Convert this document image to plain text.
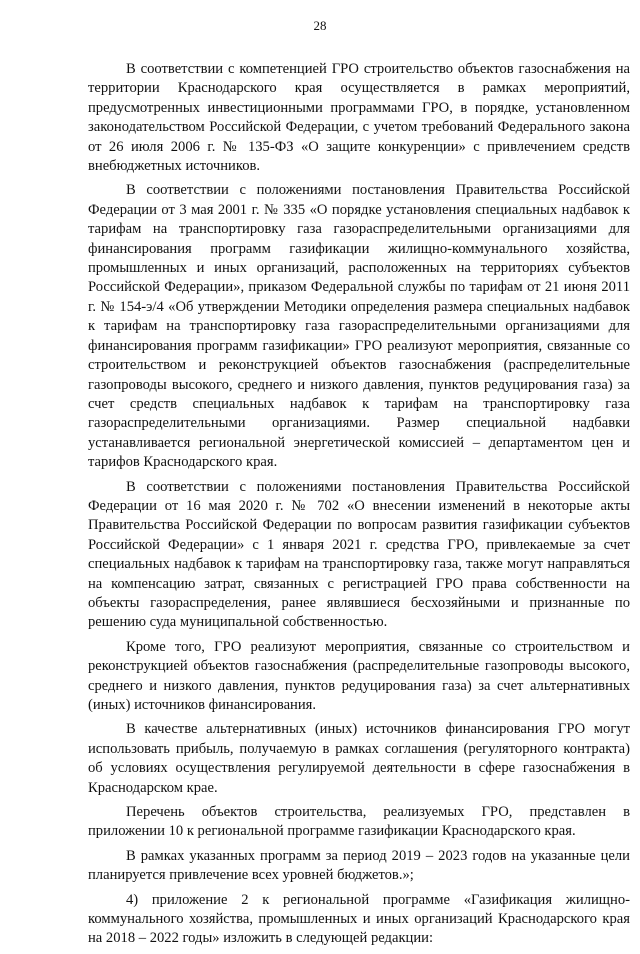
28

В соответствии с компетенцией ГРО строительство объектов газоснабжения на территории Краснодарского края осуществляется в рамках мероприятий, предусмотренных инвестиционными программами ГРО, в порядке, установленном законодательством Российской Федерации, с учетом требований Федерального закона от 26 июля 2006 г. № 135-ФЗ «О защите конкуренции» с привлечением средств внебюджетных источников.

В соответствии с положениями постановления Правительства Российской Федерации от 3 мая 2001 г. № 335 «О порядке установления специальных надбавок к тарифам на транспортировку газа газораспределительными организациями для финансирования программ газификации жилищно-коммунального хозяйства, промышленных и иных организаций, расположенных на территориях субъектов Российской Федерации», приказом Федеральной службы по тарифам от 21 июня 2011 г. № 154-э/4 «Об утверждении Методики определения размера специальных надбавок к тарифам на транспортировку газа газораспределительными организациями для финансирования программ газификации» ГРО реализуют мероприятия, связанные со строительством и реконструкцией объектов газоснабжения (распределительные газопроводы высокого, среднего и низкого давления, пунктов редуцирования газа) за счет средств специальных надбавок к тарифам на транспортировку газа газораспределительными организациями. Размер специальной надбавки устанавливается региональной энергетической комиссией – департаментом цен и тарифов Краснодарского края.

В соответствии с положениями постановления Правительства Российской Федерации от 16 мая 2020 г. № 702 «О внесении изменений в некоторые акты Правительства Российской Федерации по вопросам развития газификации субъектов Российской Федерации» с 1 января 2021 г. средства ГРО, привлекаемые за счет специальных надбавок к тарифам на транспортировку газа, также могут направляться на компенсацию затрат, связанных с регистрацией ГРО права собственности на объекты газораспределения, ранее являвшиеся бесхозяйными и признанные по решению суда муниципальной собственностью.

Кроме того, ГРО реализуют мероприятия, связанные со строительством и реконструкцией объектов газоснабжения (распределительные газопроводы высокого, среднего и низкого давления, пунктов редуцирования газа) за счет альтернативных (иных) источников финансирования.

В качестве альтернативных (иных) источников финансирования ГРО могут использовать прибыль, получаемую в рамках соглашения (регуляторного контракта) об условиях осуществления регулируемой деятельности в сфере газоснабжения в Краснодарском крае.

Перечень объектов строительства, реализуемых ГРО, представлен в приложении 10 к региональной программе газификации Краснодарского края.

В рамках указанных программ за период 2019 – 2023 годов на указанные цели планируется привлечение всех уровней бюджетов.»;

4) приложение 2 к региональной программе «Газификация жилищно-коммунального хозяйства, промышленных и иных организаций Краснодарского края на 2018 – 2022 годы» изложить в следующей редакции:
